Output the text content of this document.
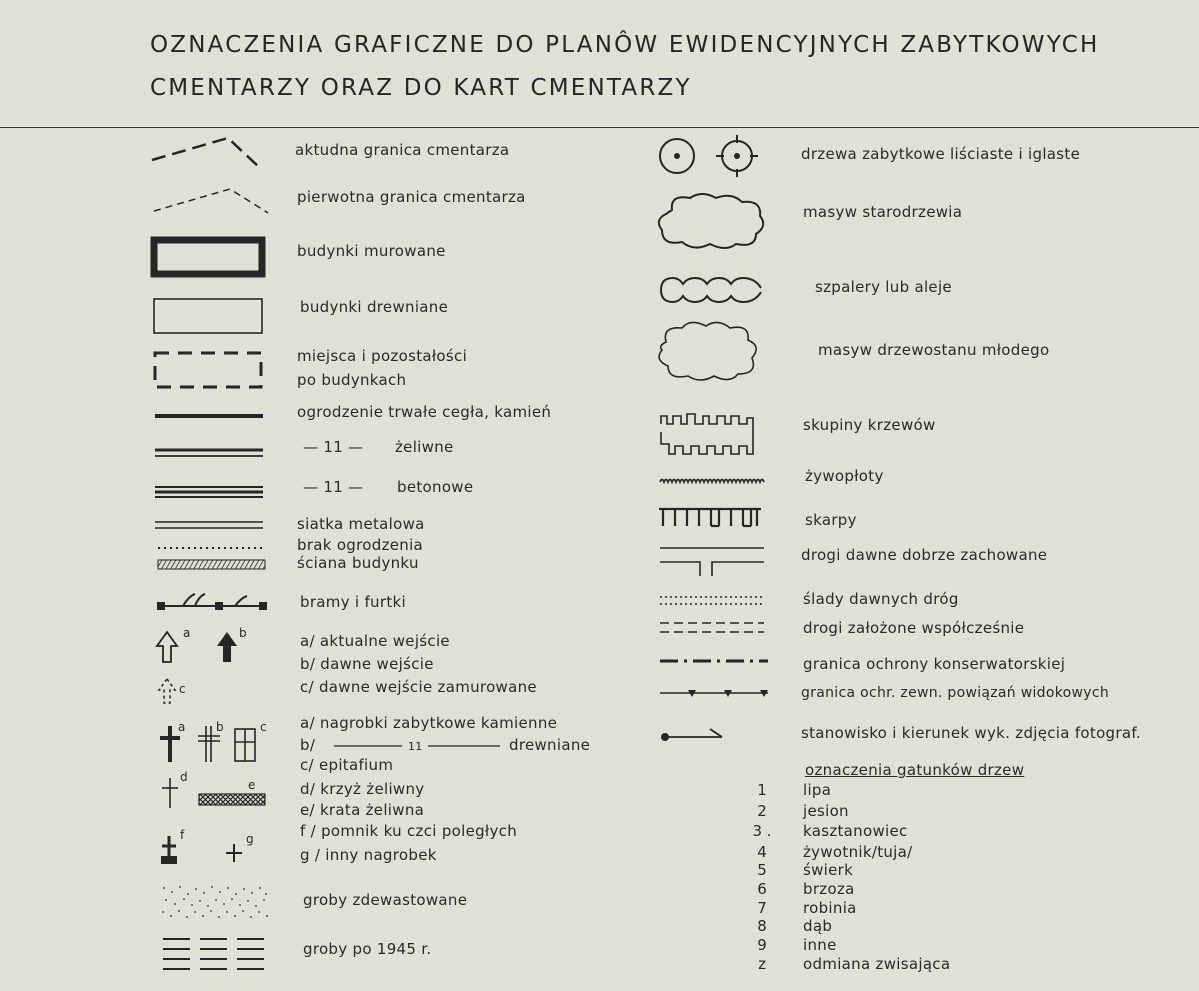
OZNACZENIA GRAFICZNE DO PLANÔW EWIDENCYJNYCH ZABYTKOWYCH
CMENTARZY ORAZ DO KART CMENTARZY
a	b
c
a	b	c
d
e
f	g
aktudna granica cmentarza
pierwotna granica cmentarza
budynki murowane
budynki drewniane
miejsca i pozostałości
po budynkach
ogrodzenie trwałe cegła, kamień
— 11 — żeliwne
— 11 — betonowe
siatka metalowa
brak ogrodzenia
ściana budynku
bramy i furtki
a/ aktualne wejście
b/ dawne wejście
c/ dawne wejście zamurowane
a/ nagrobki zabytkowe kamienne
b/	11	drewniane
c/ epitafium
d/ krzyż żeliwny
e/ krata żeliwna
f / pomnik ku czci poległych
g / inny nagrobek
groby zdewastowane
groby po 1945 r.
drzewa zabytkowe liściaste i iglaste
masyw starodrzewia
szpalery lub aleje
masyw drzewostanu młodego
skupiny krzewów
żywopłoty
skarpy
drogi dawne dobrze zachowane
ślady dawnych dróg
drogi założone współcześnie
granica ochrony konserwatorskiej
granica ochr. zewn. powiązań widokowych
stanowisko i kierunek wyk. zdjęcia fotograf.
oznaczenia gatunków drzew
1	lipa
2	jesion
3 .	kasztanowiec
4	żywotnik/tuja/
5	świerk
6	brzoza
7	robinia
8	dąb
9	inne
z	odmiana zwisająca
